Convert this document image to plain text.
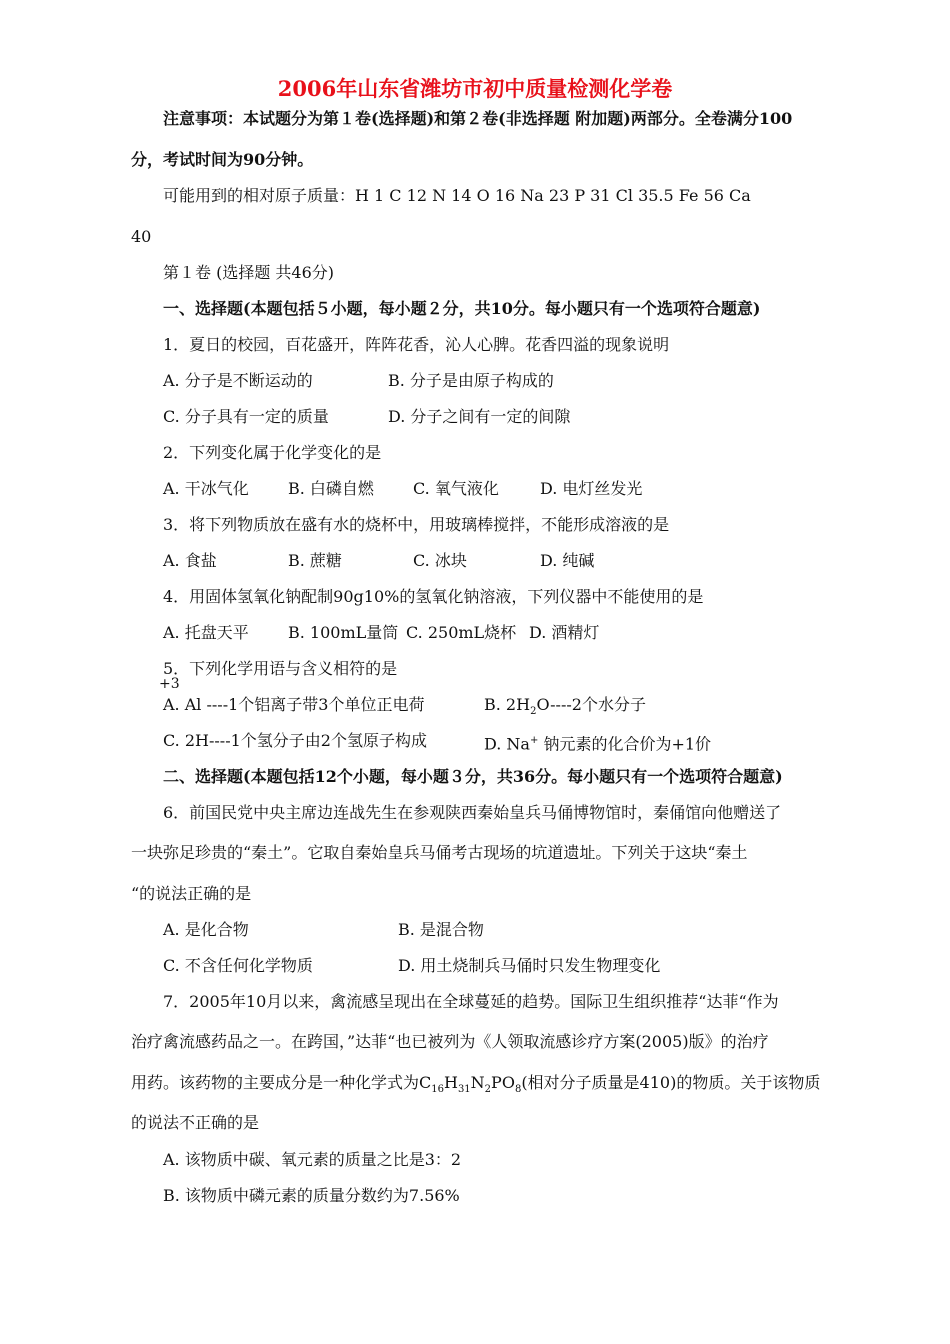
2006年山东省潍坊市初中质量检测化学卷
注意事项：本试题分为第１卷(选择题)和第２卷(非选择题 附加题)两部分。全卷满分100
分，考试时间为90分钟。
可能用到的相对原子质量：H 1 C 12 N 14 O 16 Na 23 P 31 Cl 35.5 Fe 56 Ca
40
第１卷 (选择题 共46分)
一、选择题(本题包括５小题，每小题２分，共10分。每小题只有一个选项符合题意)
1．夏日的校园，百花盛开，阵阵花香，沁人心脾。花香四溢的现象说明
A. 分子是不断运动的	B. 分子是由原子构成的
C. 分子具有一定的质量	D. 分子之间有一定的间隙
2．下列变化属于化学变化的是
A. 干冰气化 B. 白磷自燃 C. 氧气液化	D. 电灯丝发光
3．将下列物质放在盛有水的烧杯中，用玻璃棒搅拌，不能形成溶液的是
A. 食盐	B. 蔗糖	C. 冰块	D. 纯碱
4．用固体氢氧化钠配制90g10%的氢氧化钠溶液，下列仪器中不能使用的是
A. 托盘天平 B. 100mL量筒 C. 250mL烧杯 D. 酒精灯
5．下列化学用语与含义相符的是
+3
A. Al ----1个铝离子带3个单位正电荷	B. $2H_2O----2$个水分子
C. 2H----1个氢分子由2个氢原子构成	D. Na+ 钠元素的化合价为+1价
二、选择题(本题包括12个小题，每小题３分，共36分。每小题只有一个选项符合题意)
6．前国民党中央主席边连战先生在参观陕西秦始皇兵马俑博物馆时，秦俑馆向他赠送了
一块弥足珍贵的“秦土”。它取自秦始皇兵马俑考古现场的坑道遗址。下列关于这块“秦土
“的说法正确的是
A. 是化合物	B. 是混合物
C. 不含任何化学物质	D. 用土烧制兵马俑时只发生物理变化
7．2005年10月以来，禽流感呈现出在全球蔓延的趋势。国际卫生组织推荐“达菲“作为
治疗禽流感药品之一。在跨国，”达菲“也已被列为《人领取流感诊疗方案(2005)版》的治疗
用药。该药物的主要成分是一种化学式为$C_{16}H_{31}N_2PO_8$(相对分子质量是410)的物质。关于该物质
的说法不正确的是
A. 该物质中碳、氧元素的质量之比是3：2
B. 该物质中磷元素的质量分数约为7.56%
